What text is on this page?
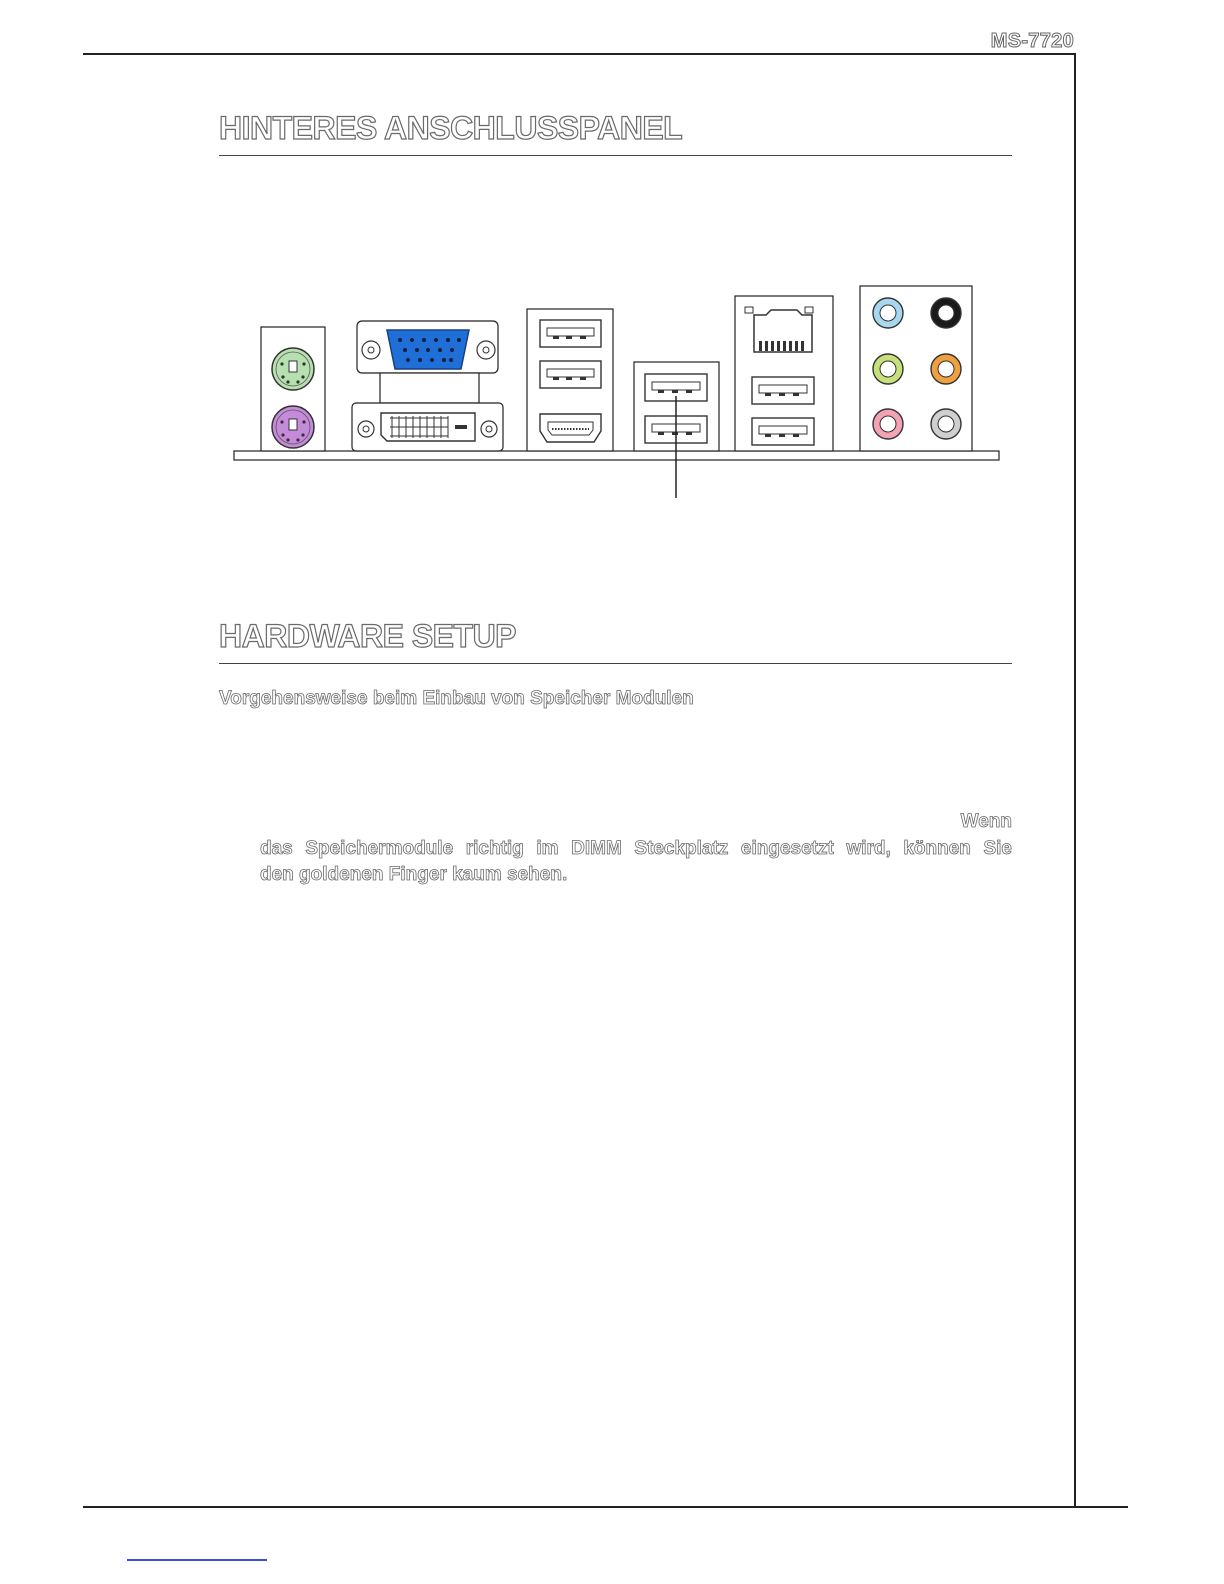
MS-7720
HINTERES ANSCHLUSSPANEL
HARDWARE SETUP
Vorgehensweise beim Einbau von Speicher Modulen
Wenn
das Speichermodule richtig im DIMM Steckplatz eingesetzt wird, können Sie
den goldenen Finger kaum sehen.
